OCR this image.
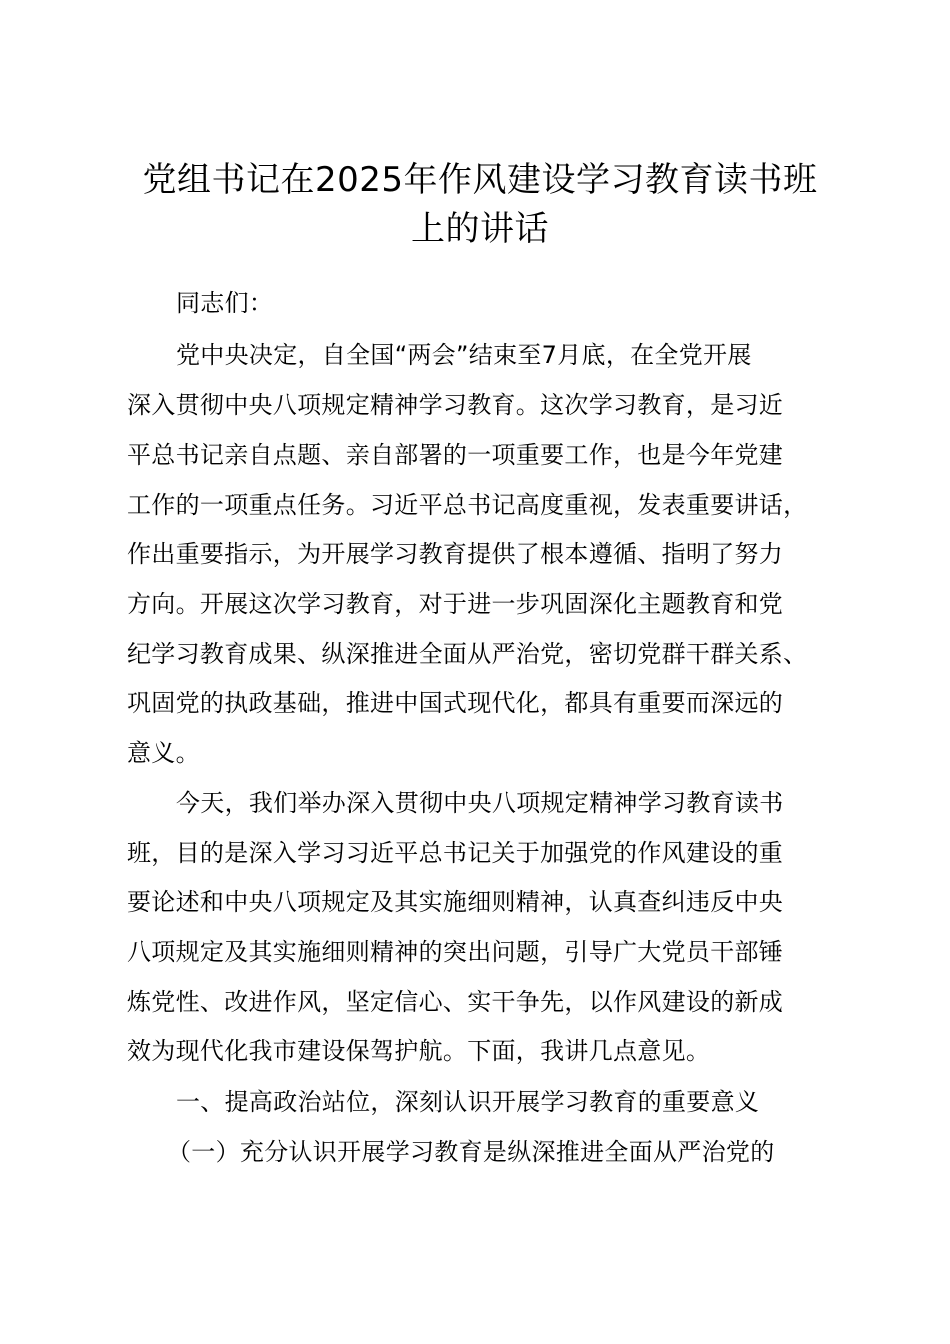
党组书记在2025年作风建设学习教育读书班
上的讲话

同志们：

党中央决定，自全国“两会”结束至7月底，在全党开展

深入贯彻中央八项规定精神学习教育。这次学习教育，是习近

平总书记亲自点题、亲自部署的一项重要工作，也是今年党建

工作的一项重点任务。习近平总书记高度重视，发表重要讲话，

作出重要指示，为开展学习教育提供了根本遵循、指明了努力

方向。开展这次学习教育，对于进一步巩固深化主题教育和党

纪学习教育成果、纵深推进全面从严治党，密切党群干群关系、

巩固党的执政基础，推进中国式现代化，都具有重要而深远的

意义。

今天，我们举办深入贯彻中央八项规定精神学习教育读书

班，目的是深入学习习近平总书记关于加强党的作风建设的重

要论述和中央八项规定及其实施细则精神，认真查纠违反中央

八项规定及其实施细则精神的突出问题，引导广大党员干部锤

炼党性、改进作风，坚定信心、实干争先，以作风建设的新成

效为现代化我市建设保驾护航。下面，我讲几点意见。

一、提高政治站位，深刻认识开展学习教育的重要意义

（一）充分认识开展学习教育是纵深推进全面从严治党的
